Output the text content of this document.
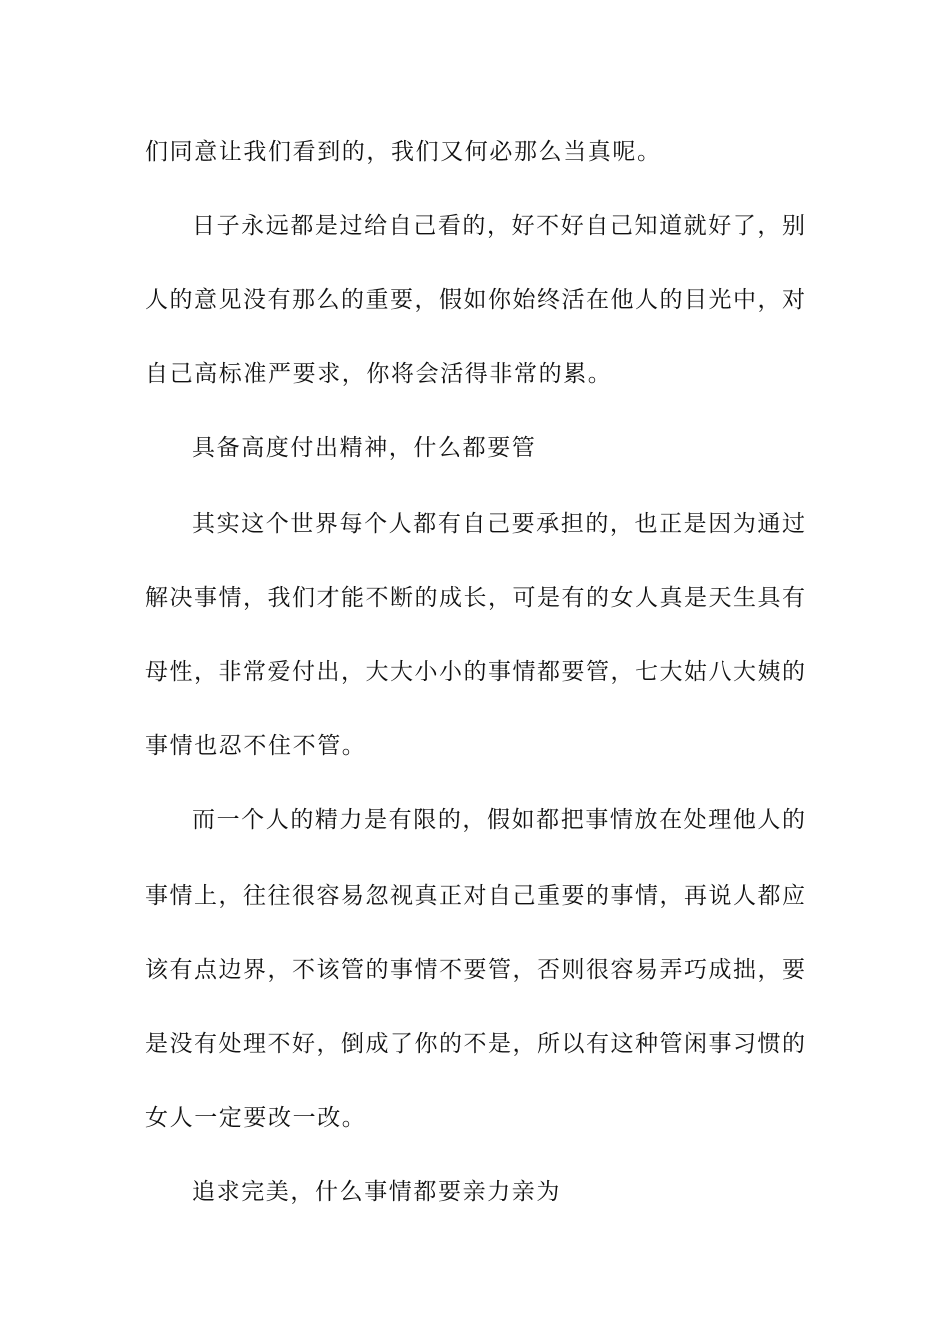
们同意让我们看到的，我们又何必那么当真呢。
日子永远都是过给自己看的，好不好自己知道就好了，别
人的意见没有那么的重要，假如你始终活在他人的目光中，对
自己高标准严要求，你将会活得非常的累。
具备高度付出精神，什么都要管
其实这个世界每个人都有自己要承担的，也正是因为通过
解决事情，我们才能不断的成长，可是有的女人真是天生具有
母性，非常爱付出，大大小小的事情都要管，七大姑八大姨的
事情也忍不住不管。
而一个人的精力是有限的，假如都把事情放在处理他人的
事情上，往往很容易忽视真正对自己重要的事情，再说人都应
该有点边界，不该管的事情不要管，否则很容易弄巧成拙，要
是没有处理不好，倒成了你的不是，所以有这种管闲事习惯的
女人一定要改一改。
追求完美，什么事情都要亲力亲为
